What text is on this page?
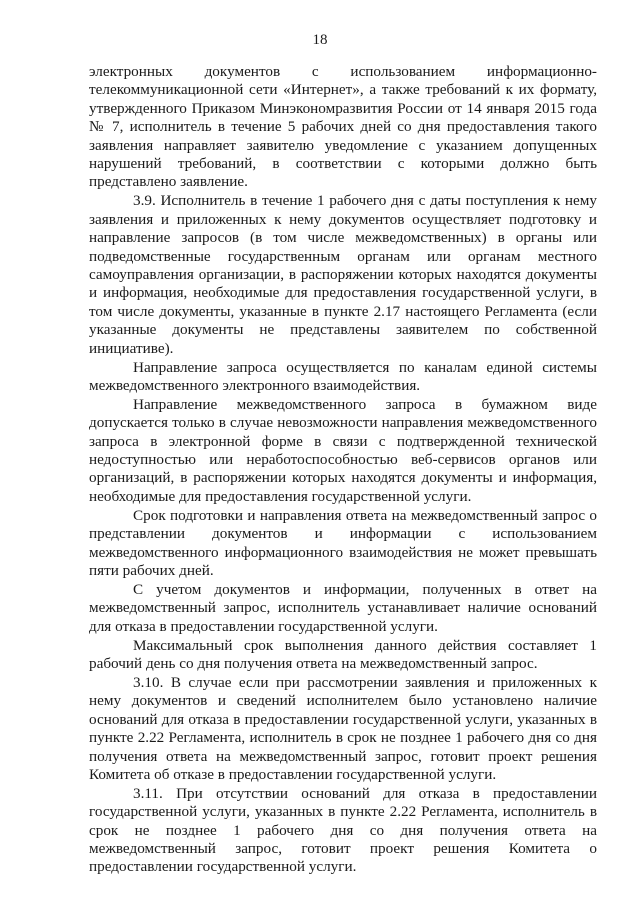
18

электронных документов с использованием информационно-телекоммуникационной сети «Интернет», а также требований к их формату, утвержденного Приказом Минэкономразвития России от 14 января 2015 года № 7, исполнитель в течение 5 рабочих дней со дня предоставления такого заявления направляет заявителю уведомление с указанием допущенных нарушений требований, в соответствии с которыми должно быть представлено заявление.

3.9. Исполнитель в течение 1 рабочего дня с даты поступления к нему заявления и приложенных к нему документов осуществляет подготовку и направление запросов (в том числе межведомственных) в органы или подведомственные государственным органам или органам местного самоуправления организации, в распоряжении которых находятся документы и информация, необходимые для предоставления государственной услуги, в том числе документы, указанные в пункте 2.17 настоящего Регламента (если указанные документы не представлены заявителем по собственной инициативе).

Направление запроса осуществляется по каналам единой системы межведомственного электронного взаимодействия.

Направление межведомственного запроса в бумажном виде допускается только в случае невозможности направления межведомственного запроса в электронной форме в связи с подтвержденной технической недоступностью или неработоспособностью веб-сервисов органов или организаций, в распоряжении которых находятся документы и информация, необходимые для предоставления государственной услуги.

Срок подготовки и направления ответа на межведомственный запрос о представлении документов и информации с использованием межведомственного информационного взаимодействия не может превышать пяти рабочих дней.

С учетом документов и информации, полученных в ответ на межведомственный запрос, исполнитель устанавливает наличие оснований для отказа в предоставлении государственной услуги.

Максимальный срок выполнения данного действия составляет 1 рабочий день со дня получения ответа на межведомственный запрос.

3.10. В случае если при рассмотрении заявления и приложенных к нему документов и сведений исполнителем было установлено наличие оснований для отказа в предоставлении государственной услуги, указанных в пункте 2.22 Регламента, исполнитель в срок не позднее 1 рабочего дня со дня получения ответа на межведомственный запрос, готовит проект решения Комитета об отказе в предоставлении государственной услуги.

3.11. При отсутствии оснований для отказа в предоставлении государственной услуги, указанных в пункте 2.22 Регламента, исполнитель в срок не позднее 1 рабочего дня со дня получения ответа на межведомственный запрос, готовит проект решения Комитета о предоставлении государственной услуги.
